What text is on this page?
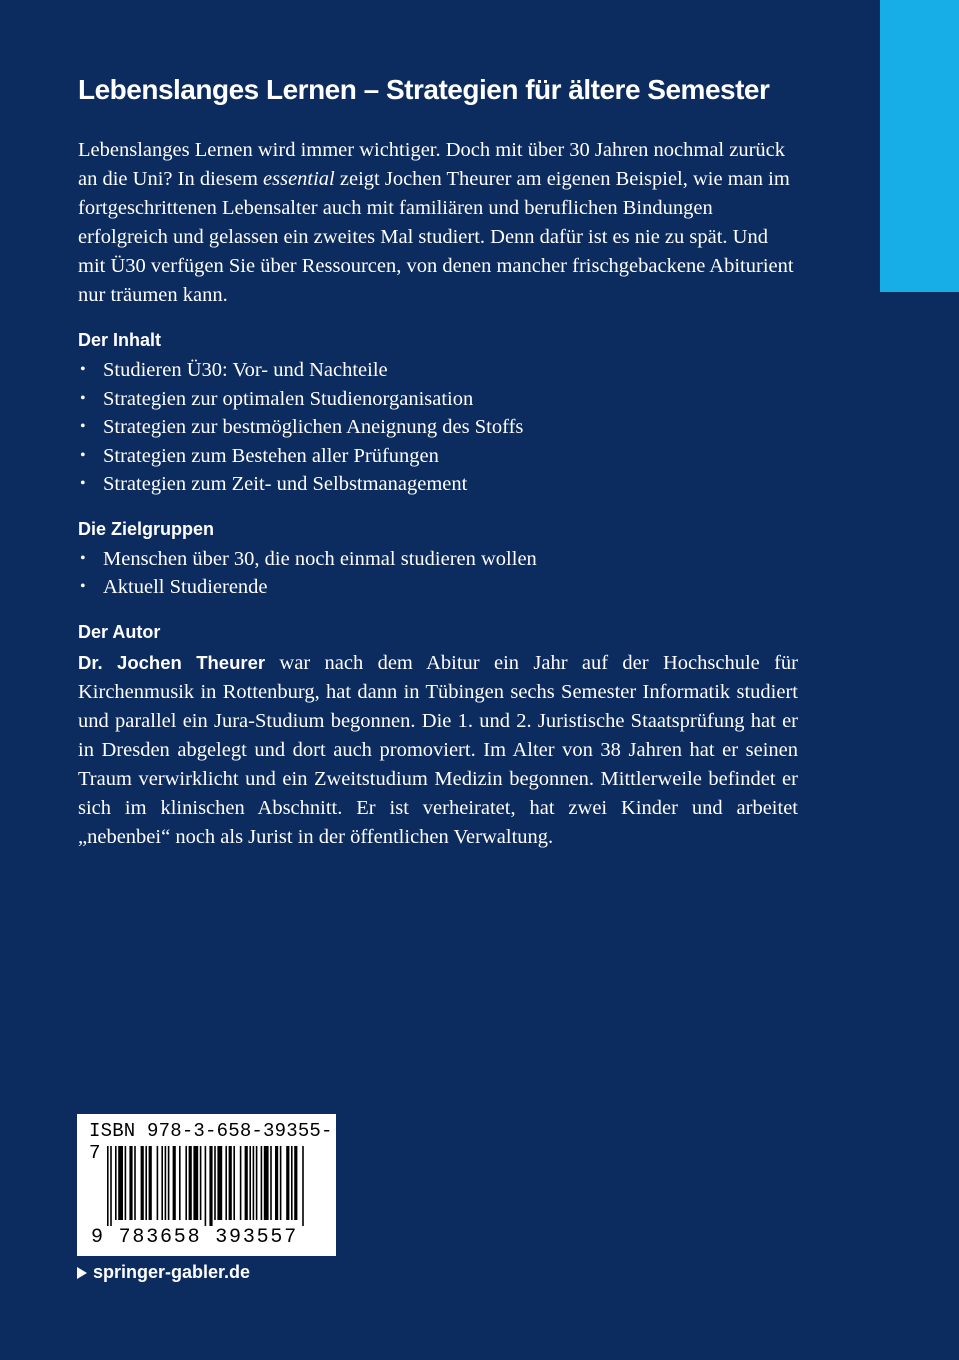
Lebenslanges Lernen – Strategien für ältere Semester

Lebenslanges Lernen wird immer wichtiger. Doch mit über 30 Jahren nochmal zurück an die Uni? In diesem essential zeigt Jochen Theurer am eigenen Beispiel, wie man im fortgeschrittenen Lebensalter auch mit familiären und beruflichen Bindungen erfolgreich und gelassen ein zweites Mal studiert. Denn dafür ist es nie zu spät. Und mit Ü30 verfügen Sie über Ressourcen, von denen mancher frischgebackene Abiturient nur träumen kann.

Der Inhalt
• Studieren Ü30: Vor- und Nachteile
• Strategien zur optimalen Studienorganisation
• Strategien zur bestmöglichen Aneignung des Stoffs
• Strategien zum Bestehen aller Prüfungen
• Strategien zum Zeit- und Selbstmanagement
Die Zielgruppen
• Menschen über 30, die noch einmal studieren wollen
• Aktuell Studierende
Der Autor

Dr. Jochen Theurer war nach dem Abitur ein Jahr auf der Hochschule für Kirchenmusik in Rottenburg, hat dann in Tübingen sechs Semester Informatik studiert und parallel ein Jura-Studium begonnen. Die 1. und 2. Juristische Staatsprüfung hat er in Dresden abgelegt und dort auch promoviert. Im Alter von 38 Jahren hat er seinen Traum verwirklicht und ein Zweitstudium Medizin begonnen. Mittlerweile befindet er sich im klinischen Abschnitt. Er ist verheiratet, hat zwei Kinder und arbeitet „nebenbei“ noch als Jurist in der öffentlichen Verwaltung.

ISBN 978-3-658-39355-7
9 783658 393557
springer-gabler.de
